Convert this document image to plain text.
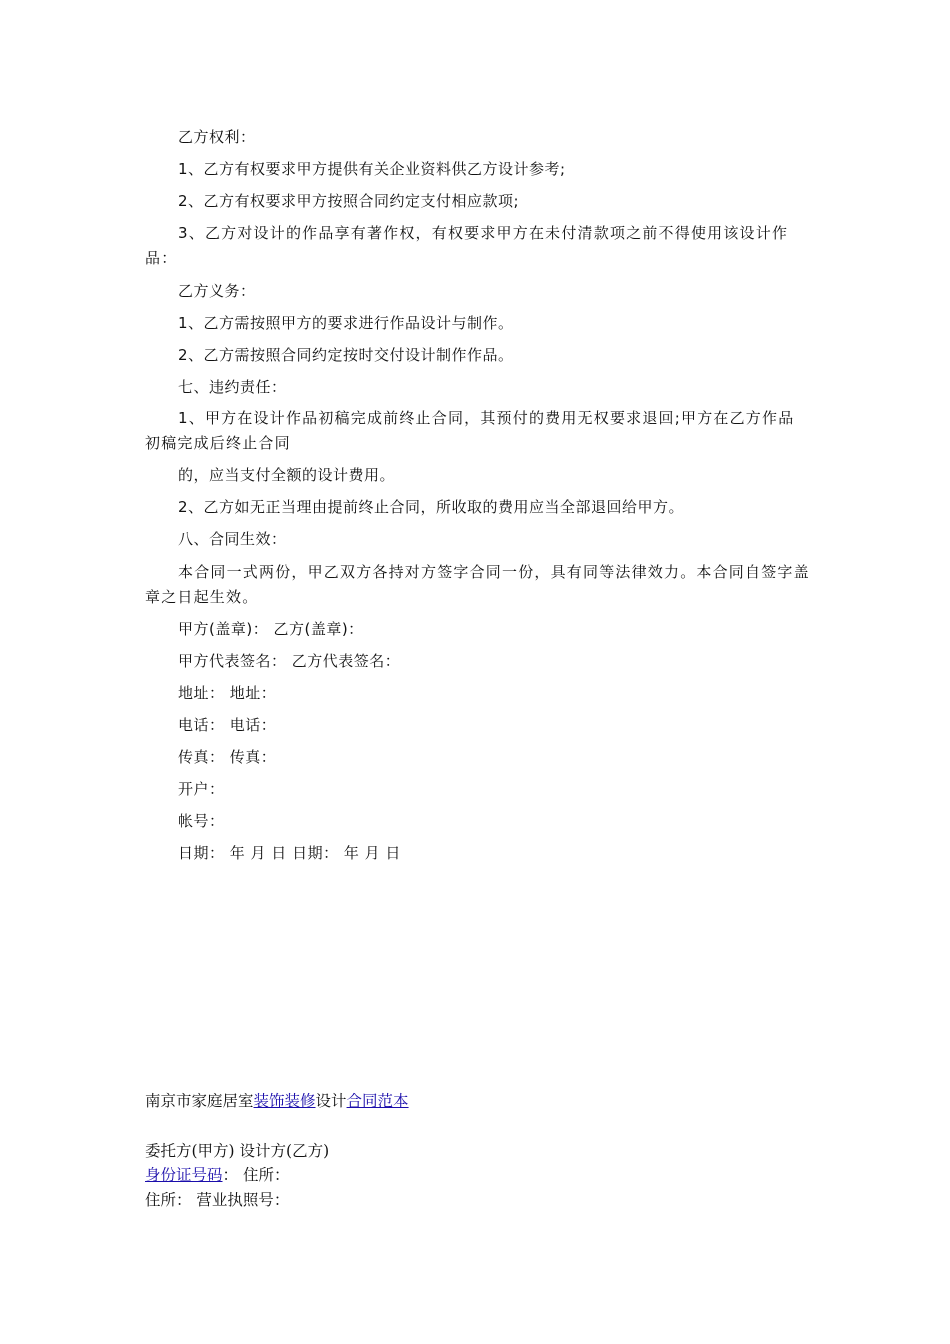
乙方权利：
1、乙方有权要求甲方提供有关企业资料供乙方设计参考;
2、乙方有权要求甲方按照合同约定支付相应款项;
3、乙方对设计的作品享有著作权，有权要求甲方在未付清款项之前不得使用该设计作品：
乙方义务：
1、乙方需按照甲方的要求进行作品设计与制作。
2、乙方需按照合同约定按时交付设计制作作品。
七、违约责任：
1、甲方在设计作品初稿完成前终止合同，其预付的费用无权要求退回;甲方在乙方作品初稿完成后终止合同
的，应当支付全额的设计费用。
2、乙方如无正当理由提前终止合同，所收取的费用应当全部退回给甲方。
八、合同生效：
本合同一式两份，甲乙双方各持对方签字合同一份，具有同等法律效力。本合同自签字盖章之日起生效。
甲方(盖章)： 乙方(盖章)：
甲方代表签名： 乙方代表签名：
地址： 地址：
电话： 电话：
传真： 传真：
开户：
帐号：
日期： 年 月 日 日期： 年 月 日
南京市家庭居室装饰装修设计合同范本
委托方(甲方) 设计方(乙方)
身份证号码： 住所：
住所： 营业执照号：
